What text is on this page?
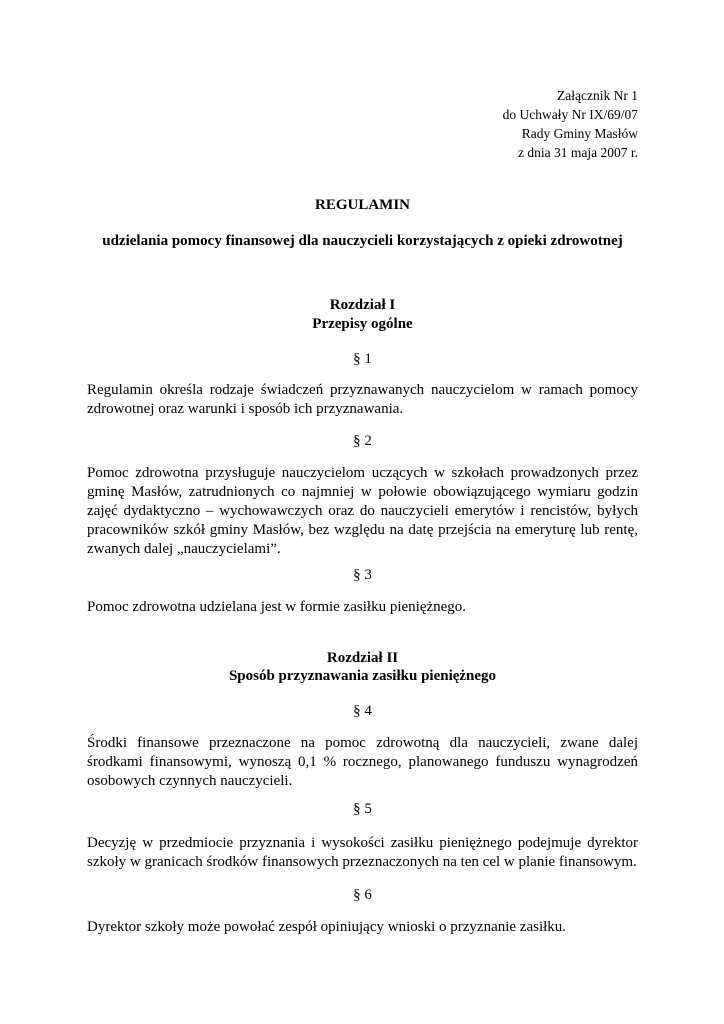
Załącznik Nr 1
do Uchwały Nr IX/69/07
Rady Gminy Masłów
z dnia 31 maja 2007 r.
REGULAMIN
udzielania pomocy finansowej dla nauczycieli korzystających z opieki zdrowotnej
Rozdział I
Przepisy ogólne
§ 1
Regulamin określa rodzaje świadczeń przyznawanych nauczycielom w ramach pomocy zdrowotnej oraz warunki i sposób ich przyznawania.
§ 2
Pomoc zdrowotna przysługuje nauczycielom uczących w szkołach prowadzonych przez gminę Masłów, zatrudnionych co najmniej w połowie obowiązującego wymiaru godzin zajęć dydaktyczno – wychowawczych oraz do nauczycieli emerytów i rencistów, byłych pracowników szkół gminy Masłów, bez względu na datę przejścia na emeryturę lub rentę, zwanych dalej „nauczycielami”.
§ 3
Pomoc zdrowotna udzielana jest w formie zasiłku pieniężnego.
Rozdział II
Sposób przyznawania zasiłku pieniężnego
§ 4
Środki finansowe przeznaczone na pomoc zdrowotną dla nauczycieli, zwane dalej środkami finansowymi, wynoszą 0,1 % rocznego, planowanego funduszu wynagrodzeń osobowych czynnych nauczycieli.
§ 5
Decyzję w przedmiocie przyznania i wysokości zasiłku pieniężnego podejmuje dyrektor szkoły w granicach środków finansowych przeznaczonych na ten cel w planie finansowym.
§ 6
Dyrektor szkoły może powołać zespół opiniujący wnioski o przyznanie zasiłku.
